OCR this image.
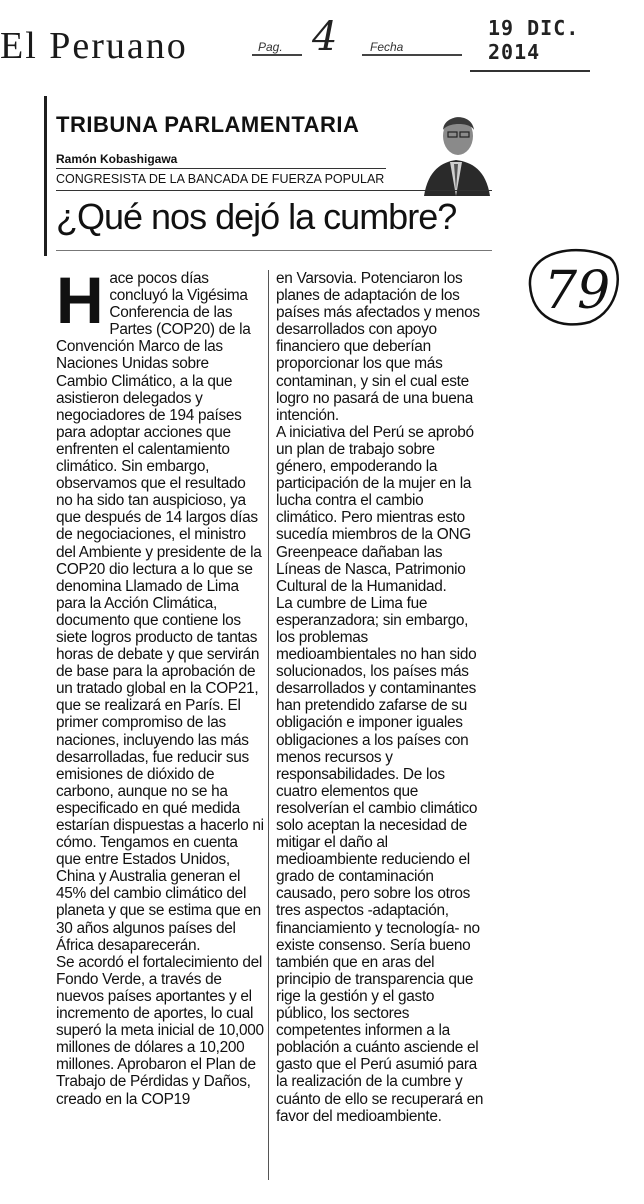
El Peruano	Pag. 4	Fecha
19 DIC. 2014
79
TRIBUNA PARLAMENTARIA
Ramón Kobashigawa
CONGRESISTA DE LA BANCADA DE FUERZA POPULAR
¿Qué nos dejó la cumbre?

Hace pocos días concluyó la Vigésima Conferencia de las Partes (COP20) de la Convención Marco de las Naciones Unidas sobre Cambio Climático, a la que asistieron delegados y negociadores de 194 países para adoptar acciones que enfrenten el calentamiento climático. Sin embargo, observamos que el resultado no ha sido tan auspicioso, ya que después de 14 largos días de negociaciones, el ministro del Ambiente y presidente de la COP20 dio lectura a lo que se denomina Llamado de Lima para la Acción Climática, documento que contiene los siete logros producto de tantas horas de debate y que servirán de base para la aprobación de un tratado global en la COP21, que se realizará en París. El primer compromiso de las naciones, incluyendo las más desarrolladas, fue reducir sus emisiones de dióxido de carbono, aunque no se ha especificado en qué medida estarían dispuestas a hacerlo ni cómo. Tengamos en cuenta que entre Estados Unidos, China y Australia generan el 45% del cambio climático del planeta y que se estima que en 30 años algunos países del África desaparecerán.

Se acordó el fortalecimiento del Fondo Verde, a través de nuevos países aportantes y el incremento de aportes, lo cual superó la meta inicial de 10,000 millones de dólares a 10,200 millones. Aprobaron el Plan de Trabajo de Pérdidas y Daños, creado en la COP19

en Varsovia. Potenciaron los planes de adaptación de los países más afectados y menos desarrollados con apoyo financiero que deberían proporcionar los que más contaminan, y sin el cual este logro no pasará de una buena intención.

A iniciativa del Perú se aprobó un plan de trabajo sobre género, empoderando la participación de la mujer en la lucha contra el cambio climático. Pero mientras esto sucedía miembros de la ONG Greenpeace dañaban las Líneas de Nasca, Patrimonio Cultural de la Humanidad.

La cumbre de Lima fue esperanzadora; sin embargo, los problemas medioambientales no han sido solucionados, los países más desarrollados y contaminantes han pretendido zafarse de su obligación e imponer iguales obligaciones a los países con menos recursos y responsabilidades. De los cuatro elementos que resolverían el cambio climático solo aceptan la necesidad de mitigar el daño al medioambiente reduciendo el grado de contaminación causado, pero sobre los otros tres aspectos -adaptación, financiamiento y tecnología- no existe consenso. Sería bueno también que en aras del principio de transparencia que rige la gestión y el gasto público, los sectores competentes informen a la población a cuánto asciende el gasto que el Perú asumió para la realización de la cumbre y cuánto de ello se recuperará en favor del medioambiente.
